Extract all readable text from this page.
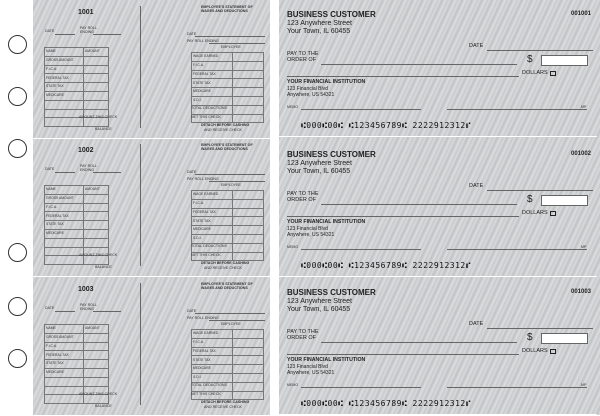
1001
DATE
PAY ROLL
ENDING
NAME	AMOUNT
GROSS AMOUNT	
F.I.C.A.	
FEDERAL TAX	
STATE TAX	
MEDICARE	

AMOUNT THIS CHECK
BALANCE
EMPLOYEE'S STATEMENT OF
WAGES AND DEDUCTIONS
DATE
PAY ROLL ENDING
EMPLOYEE
WAGE EARNED	
F.I.C.A.	
FEDERAL TAX	
STATE TAX	
MEDICARE	
S.D.I.	

TOTAL DEDUCTIONS
NET THIS CHECK
DETACH BEFORE CASHING
AND RECEIVE CHECK
1002
DATE
PAY ROLL
ENDING
NAME	AMOUNT
GROSS AMOUNT	
F.I.C.A.	
FEDERAL TAX	
STATE TAX	
MEDICARE	

AMOUNT THIS CHECK
BALANCE
EMPLOYEE'S STATEMENT OF
WAGES AND DEDUCTIONS
DATE
PAY ROLL ENDING
EMPLOYEE
WAGE EARNED	
F.I.C.A.	
FEDERAL TAX	
STATE TAX	
MEDICARE	
S.D.I.	

TOTAL DEDUCTIONS
NET THIS CHECK
DETACH BEFORE CASHING
AND RECEIVE CHECK
1003
DATE
PAY ROLL
ENDING
NAME	AMOUNT
GROSS AMOUNT	
F.I.C.A.	
FEDERAL TAX	
STATE TAX	
MEDICARE	

AMOUNT THIS CHECK
BALANCE
EMPLOYEE'S STATEMENT OF
WAGES AND DEDUCTIONS
DATE
PAY ROLL ENDING
EMPLOYEE
WAGE EARNED	
F.I.C.A.	
FEDERAL TAX	
STATE TAX	
MEDICARE	
S.D.I.	

TOTAL DEDUCTIONS
NET THIS CHECK
DETACH BEFORE CASHING
AND RECEIVE CHECK
BUSINESS CUSTOMER
123 Anywhere Street
Your Town, IL 60455
001001
DATE
PAY TO THE
ORDER OF	$
DOLLARS
YOUR FINANCIAL INSTITUTION
123 Financial Blvd
Anywhere, US 54321
MEMO	MP
⑆000⑆00⑆ ⑆123456789⑆ 2222912312⑈
BUSINESS CUSTOMER
123 Anywhere Street
Your Town, IL 60455
001002
DATE
PAY TO THE
ORDER OF	$
DOLLARS
YOUR FINANCIAL INSTITUTION
123 Financial Blvd
Anywhere, US 54321
MEMO	MP
⑆000⑆00⑆ ⑆123456789⑆ 2222912312⑈
BUSINESS CUSTOMER
123 Anywhere Street
Your Town, IL 60455
001003
DATE
PAY TO THE
ORDER OF	$
DOLLARS
YOUR FINANCIAL INSTITUTION
123 Financial Blvd
Anywhere, US 54321
MEMO	MP
⑆000⑆00⑆ ⑆123456789⑆ 2222912312⑈
